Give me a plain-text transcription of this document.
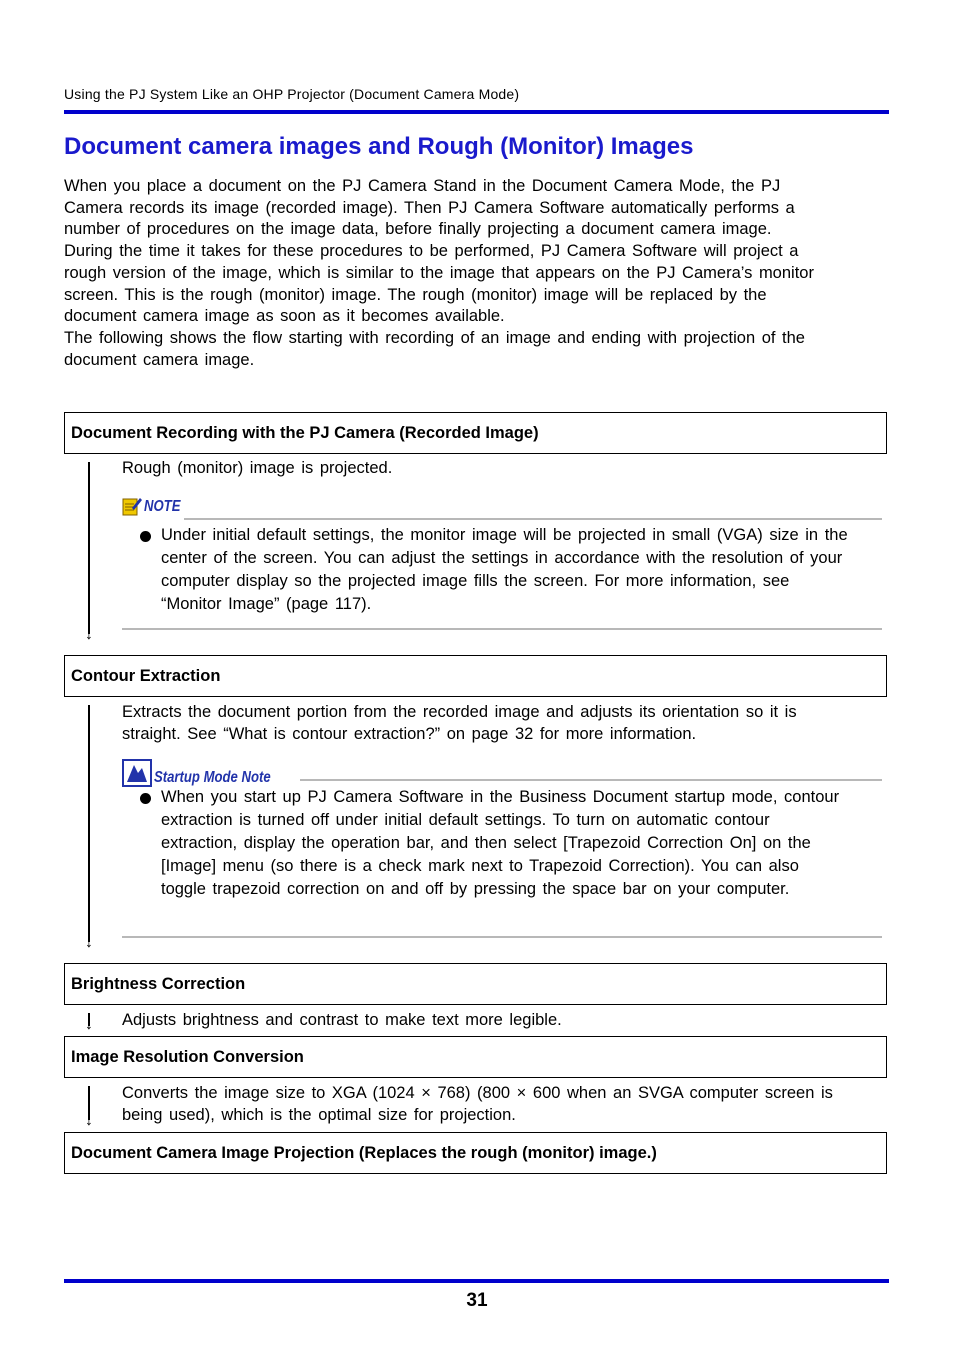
Using the PJ System Like an OHP Projector (Document Camera Mode)
Document camera images and Rough (Monitor) Images

When you place a document on the PJ Camera Stand in the Document Camera Mode, the PJ Camera records its image (recorded image). Then PJ Camera Software automatically performs a number of procedures on the image data, before finally projecting a document camera image.

During the time it takes for these procedures to be performed, PJ Camera Software will project a rough version of the image, which is similar to the image that appears on the PJ Camera’s monitor screen. This is the rough (monitor) image. The rough (monitor) image will be replaced by the document camera image as soon as it becomes available.

The following shows the flow starting with recording of an image and ending with projection of the document camera image.

Document Recording with the PJ Camera (Recorded Image)
↓
Rough (monitor) image is projected.
NOTE
Under initial default settings, the monitor image will be projected in small (VGA) size in the center of the screen. You can adjust the settings in accordance with the resolution of your computer display so the projected image fills the screen. For more information, see “Monitor Image” (page 117).
Contour Extraction
↓
Extracts the document portion from the recorded image and adjusts its orientation so it is straight. See “What is contour extraction?” on page 32 for more information.
Startup Mode Note
When you start up PJ Camera Software in the Business Document startup mode, contour extraction is turned off under initial default settings. To turn on automatic contour extraction, display the operation bar, and then select [Trapezoid Correction On] on the [Image] menu (so there is a check mark next to Trapezoid Correction). You can also toggle trapezoid correction on and off by pressing the space bar on your computer.
Brightness Correction
↓ Adjusts brightness and contrast to make text more legible.
Image Resolution Conversion
↓
Converts the image size to XGA (1024 × 768) (800 × 600 when an SVGA computer screen is being used), which is the optimal size for projection.
Document Camera Image Projection (Replaces the rough (monitor) image.)
31
